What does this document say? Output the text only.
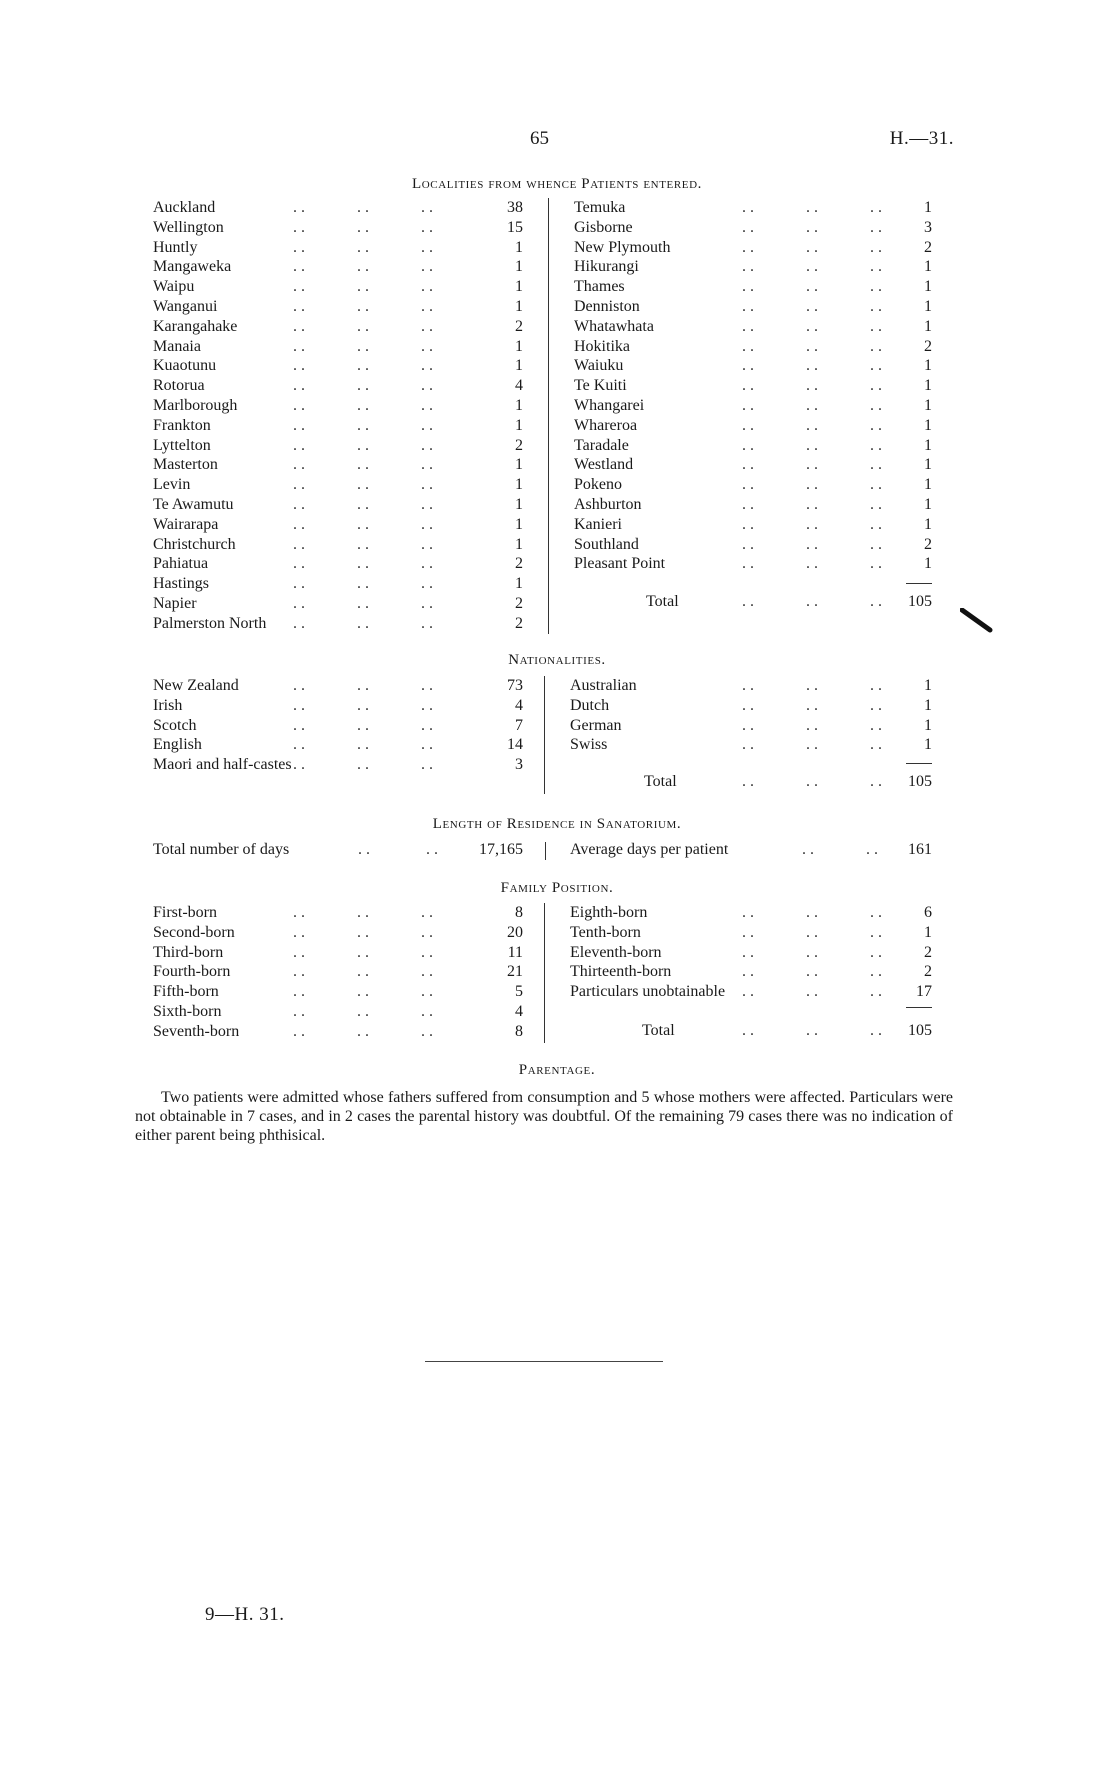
65	H.—31.
Localities from whence Patients entered.
Auckland	. .             . .             . .	38
Wellington	. .             . .             . .	15
Huntly	. .             . .             . .	1
Mangaweka	. .             . .             . .	1
Waipu	. .             . .             . .	1
Wanganui	. .             . .             . .	1
Karangahake	. .             . .             . .	2
Manaia	. .             . .             . .	1
Kuaotunu	. .             . .             . .	1
Rotorua	. .             . .             . .	4
Marlborough	. .             . .             . .	1
Frankton	. .             . .             . .	1
Lyttelton	. .             . .             . .	2
Masterton	. .             . .             . .	1
Levin	. .             . .             . .	1
Te Awamutu	. .             . .             . .	1
Wairarapa	. .             . .             . .	1
Christchurch	. .             . .             . .	1
Pahiatua	. .             . .             . .	2
Hastings	. .             . .             . .	1
Napier	. .             . .             . .	2
Palmerston North . .             . .             . .	2
Temuka	. .             . .             . .	1
Gisborne	. .             . .             . .	3
New Plymouth	. .             . .             . .	2
Hikurangi	. .             . .             . .	1
Thames	. .             . .             . .	1
Denniston	. .             . .             . .	1
Whatawhata	. .             . .             . .	1
Hokitika	. .             . .             . .	2
Waiuku	. .             . .             . .	1
Te Kuiti	. .             . .             . .	1
Whangarei	. .             . .             . .	1
Whareroa	. .             . .             . .	1
Taradale	. .             . .             . .	1
Westland	. .             . .             . .	1
Pokeno	. .             . .             . .	1
Ashburton	. .             . .             . .	1
Kanieri	. .             . .             . .	1
Southland	. .             . .             . .	2
Pleasant Point	. .             . .             . .	1
Total	. .             . .             . .	105
Nationalities.
New Zealand	. .             . .             . .	73
Irish	. .             . .             . .	4
Scotch	. .             . .             . .	7
English	. .             . .             . .	14
Maori and half-castes . .             . .             . .	3
Australian	. .             . .             . .	1
Dutch	. .             . .             . .	1
German	. .             . .             . .	1
Swiss	. .             . .             . .	1
Total	. .             . .             . .	105
Length of Residence in Sanatorium.
Total number of days	. .              . .	17,165	Average days per patient	. .             . .	161
Family Position.
First-born	. .             . .             . .	8
Second-born	. .             . .             . .	20
Third-born	. .             . .             . .	11
Fourth-born	. .             . .             . .	21
Fifth-born	. .             . .             . .	5
Sixth-born	. .             . .             . .	4
Seventh-born	. .             . .             . .	8
Eighth-born	. .             . .             . .	6
Tenth-born	. .             . .             . .	1
Eleventh-born	. .             . .             . .	2
Thirteenth-born	. .             . .             . .	2
Particulars unobtainable . .             . .             . .	17
Total	. .             . .             . .	105
Parentage.

Two patients were admitted whose fathers suffered from consumption and 5 whose mothers were affected. Particulars were not obtainable in 7 cases, and in 2 cases the parental history was doubtful. Of the remaining 79 cases there was no indication of either parent being phthisical.

9—H. 31.
